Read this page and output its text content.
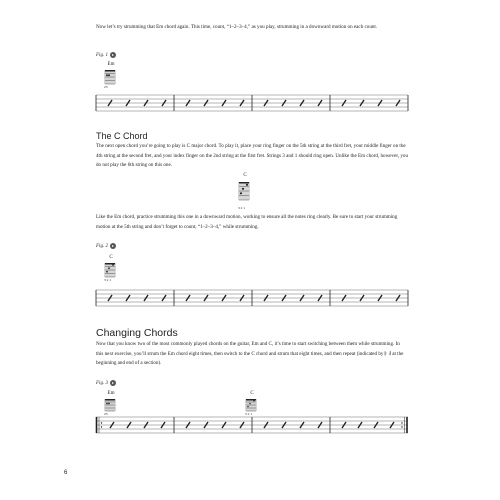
Now let’s try strumming that Em chord again. This time, count, “1–2–3–4,” as you play, strumming in a downward motion on each count.

Fig. 1
Em
23
The C Chord

The next open chord you’re going to play is C major chord. To play it, place your ring finger on the 5th string at the third fret, your middle finger on the 4th string at the second fret, and your index finger on the 2nd string at the first fret. Strings 3 and 1 should ring open. Unlike the Em chord, however, you do not play the 6th string on this one.

C
3 2 1

Like the Em chord, practice strumming this one in a downward motion, working to ensure all the notes ring clearly. Be sure to start your strumming motion at the 5th string and don’t forget to count, “1–2–3–4,” while strumming.

Fig. 2
C
3 2 1
Changing Chords

Now that you know two of the most commonly played chords on the guitar, Em and C, it’s time to start switching between them while strumming. In this next exercise, you’ll strum the Em chord eight times, then switch to the C chord and strum that eight times, and then repeat (indicated by 𝄆 𝄇 at the beginning and end of a section).

Fig. 3
Em
23
C
3 2 1
6
